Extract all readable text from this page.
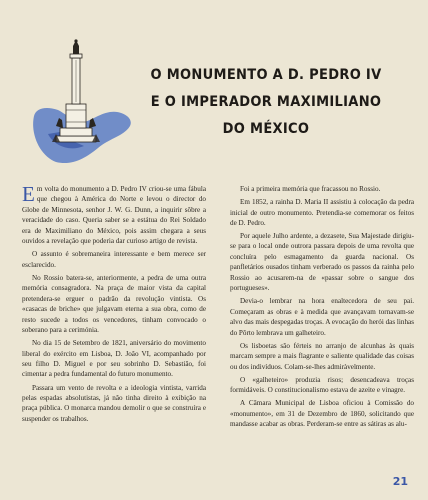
O MONUMENTO A D. PEDRO IV
E O IMPERADOR MAXIMILIANO
DO MÉXICO

Em volta do monumento a D. Pedro IV criou-se uma fábula que chegou à América do Norte e levou o director do Globe de Minnesota, senhor J. W. G. Dunn, a inquirir sôbre a veracidade do caso. Queria saber se a estátua do Rei Soldado era de Maximiliano do México, pois assim chegara a seus ouvidos a revelação que poderia dar curioso artigo de revista.

O assunto é sobremaneira interessante e bem merece ser esclarecido.

No Rossio batera-se, anteriormente, a pedra de uma outra memória consagradora. Na praça de maior vista da capital pretendera-se erguer o padrão da revolução vintista. Os «casacas de briche» que julgavam eterna a sua obra, como de resto sucede a todos os vencedores, tinham convocado o soberano para a cerimónia.

No dia 15 de Setembro de 1821, aniversário do movimento liberal do exército em Lisboa, D. João VI, acompanhado por seu filho D. Miguel e por seu sobrinho D. Sebastião, foi cimentar a pedra fundamental do futuro monumento.

Passara um vento de revolta e a ideologia vintista, varrida pelas espadas absolutistas, já não tinha direito à exibição na praça pública. O monarca mandou demolir o que se construíra e suspender os trabalhos.

Foi a primeira memória que fracassou no Rossio.

Em 1852, a rainha D. Maria II assistiu à colocação da pedra inicial de outro monumento. Pretendia-se comemorar os feitos de D. Pedro.

Por aquele Julho ardente, a dezasete, Sua Majestade dirigiu-se para o local onde outrora passara depois de uma revolta que concluíra pelo esmagamento da guarda nacional. Os panfletários ousados tinham verberado os passos da rainha pelo Rossio ao acusarem-na de «passar sobre o sangue dos portugueses».

Devia-o lembrar na hora enaltecedora de seu pai. Começaram as obras e à medida que avançavam tornavam-se alvo das mais despegadas troças. A evocação do herói das linhas do Pôrto lembrava um galheteiro.

Os lisboetas são férteis no arranjo de alcunhas às quais marcam sempre a mais flagrante e saliente qualidade das coisas ou dos indivíduos. Colam-se-lhes admiràvelmente.

O «galheteiro» produzia risos; desencadeava troças formidáveis. O constitucionalismo estava de azeite e vinagre.

A Câmara Municipal de Lisboa oficiou à Comissão do «monumento», em 31 de Dezembro de 1860, solicitando que mandasse acabar as obras. Perderam-se entre as sátiras as alu-

21
